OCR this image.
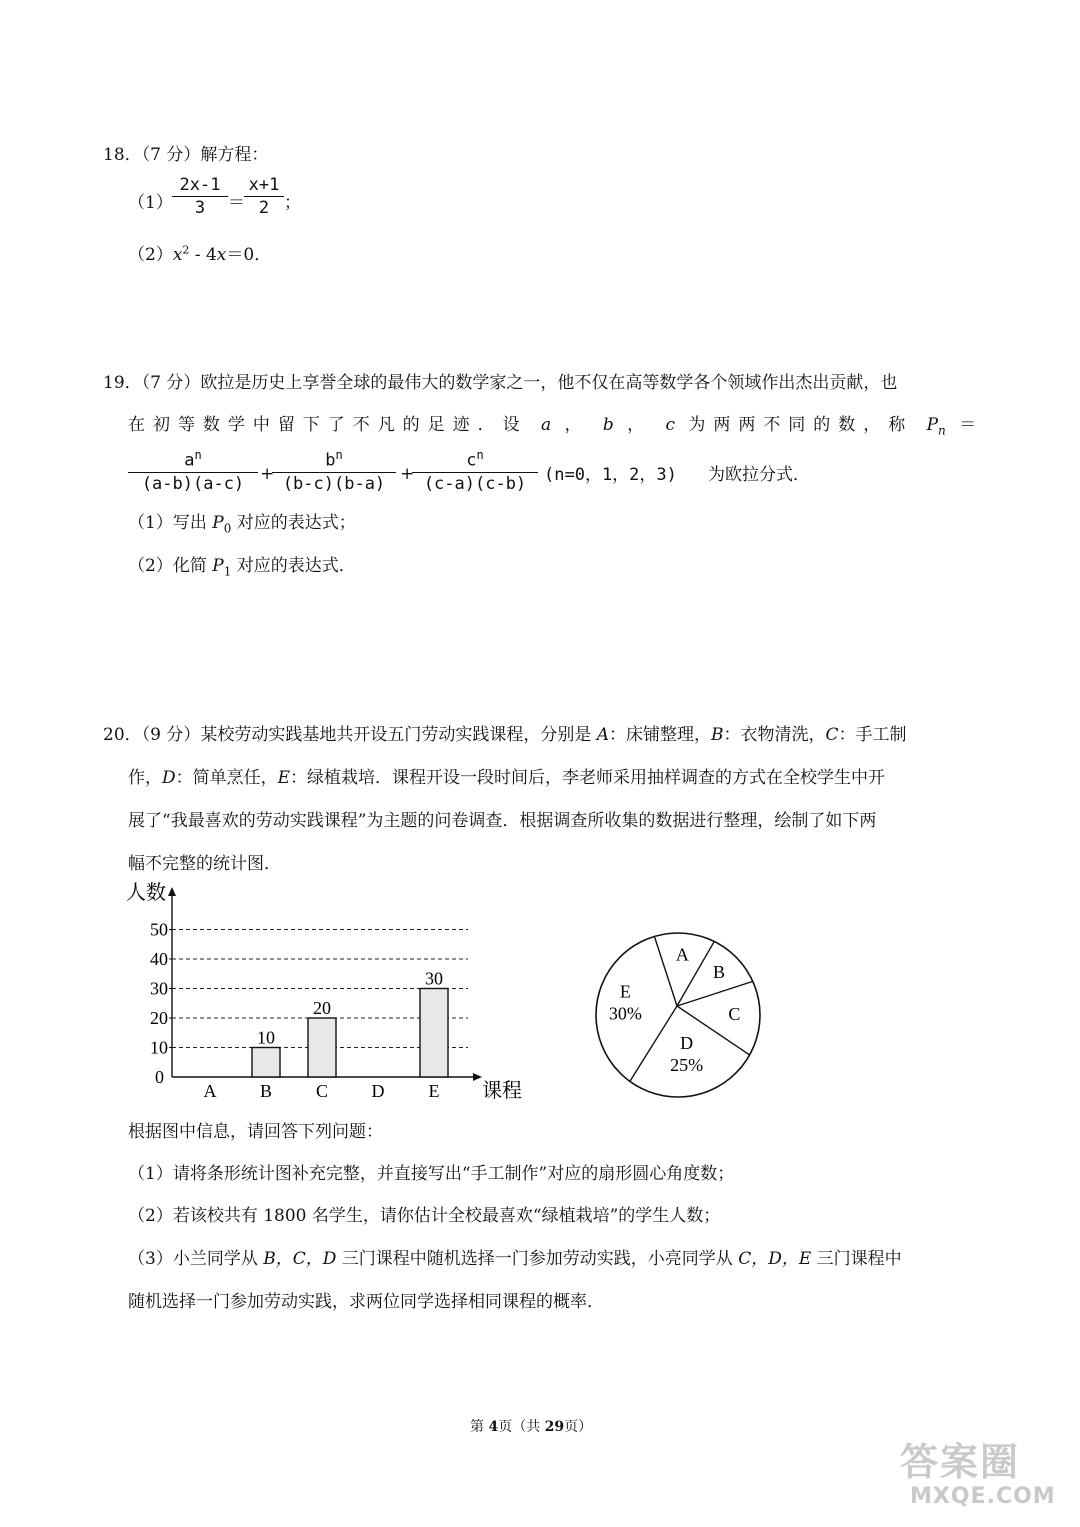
18．（7 分）解方程：
（1）
2x-1
3 ＝
x+1
2 ；
$(2)x^2 - 4x=0$．
19．（7 分）欧拉是历史上享誉全球的最伟大的数学家之一，他不仅在高等数学各个领域作出杰出贡献，也
在初等数学中留下了不凡的足迹．设 a ， b ， c 为两两不同的数，称 $P_n$ ＝
$a^n$
(a-b)(a-c) +
$b^n$
(b-c)(b-a) +
$c^n$
(c-a)(c-b) (n=0，1，2，3) 为欧拉分式．
（1）写出 $P_0$ 对应的表达式；
（2）化简 $P_1$ 对应的表达式．
20．（9 分）某校劳动实践基地共开设五门劳动实践课程，分别是 A：床铺整理，B：衣物清洗，C：手工制
作，D：简单烹任，E：绿植栽培．课程开设一段时间后，李老师采用抽样调查的方式在全校学生中开
展了“我最喜欢的劳动实践课程”为主题的问卷调查．根据调查所收集的数据进行整理，绘制了如下两
幅不完整的统计图．
0
10
20
30
40
50
人数
课程
A
10
B
20
C D
30
E
A
B
C
D
25%
E
30%
根据图中信息，请回答下列问题：
（1）请将条形统计图补充完整，并直接写出“手工制作”对应的扇形圆心角度数；
（2）若该校共有 1800 名学生，请你估计全校最喜欢“绿植栽培”的学生人数；
（3）小兰同学从 B，C，D 三门课程中随机选择一门参加劳动实践，小亮同学从 C，D，E 三门课程中
随机选择一门参加劳动实践，求两位同学选择相同课程的概率．
第 4页（共 29页）
答案圈
MXQE.COM
